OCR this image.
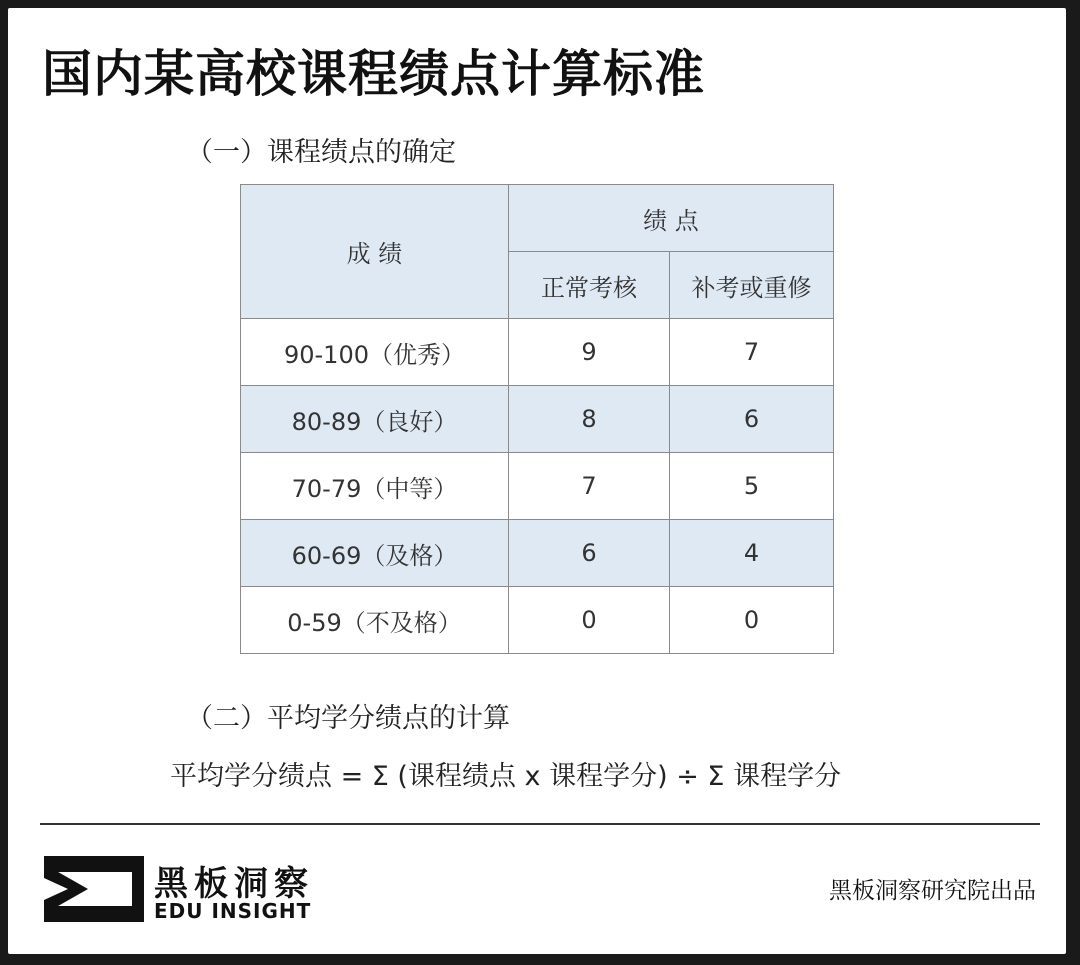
国内某高校课程绩点计算标准
（一）课程绩点的确定
成 绩	绩 点	
	正常考核	补考或重修
90-100（优秀）	9	7
80-89（良好）	8	6
70-79（中等）	7	5
60-69（及格）	6	4
0-59（不及格）	0	0
（二）平均学分绩点的计算
平均学分绩点 = Σ (课程绩点 x 课程学分) ÷ Σ 课程学分
黑板洞察
EDU INSIGHT
黑板洞察研究院出品
